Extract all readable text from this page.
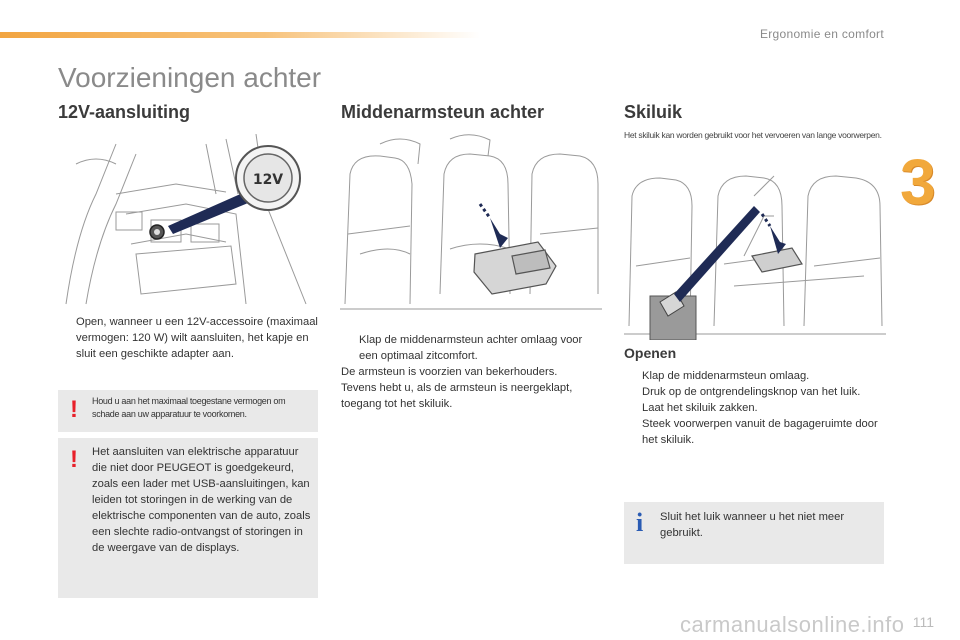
Ergonomie en comfort
3
Voorzieningen achter
12V-aansluiting
12V
Open, wanneer u een 12V-accessoire (maximaal vermogen: 120 W) wilt aansluiten, het kapje en sluit een geschikte adapter aan.
! Houd u aan het maximaal toegestane vermogen om schade aan uw apparatuur te voorkomen.
! Het aansluiten van elektrische apparatuur die niet door PEUGEOT is goedgekeurd, zoals een lader met USB-aansluitingen, kan leiden tot storingen in de werking van de elektrische componenten van de auto, zoals een slechte radio-ontvangst of storingen in de weergave van de displays.
Middenarmsteun achter
Klap de middenarmsteun achter omlaag voor een optimaal zitcomfort.
De armsteun is voorzien van bekerhouders.
Tevens hebt u, als de armsteun is neergeklapt, toegang tot het skiluik.
Skiluik
Het skiluik kan worden gebruikt voor het vervoeren van lange voorwerpen.
Openen
Klap de middenarmsteun omlaag.
Druk op de ontgrendelingsknop van het luik.
Laat het skiluik zakken.
Steek voorwerpen vanuit de bagageruimte door het skiluik.
i Sluit het luik wanneer u het niet meer gebruikt.
carmanualsonline.info 111
